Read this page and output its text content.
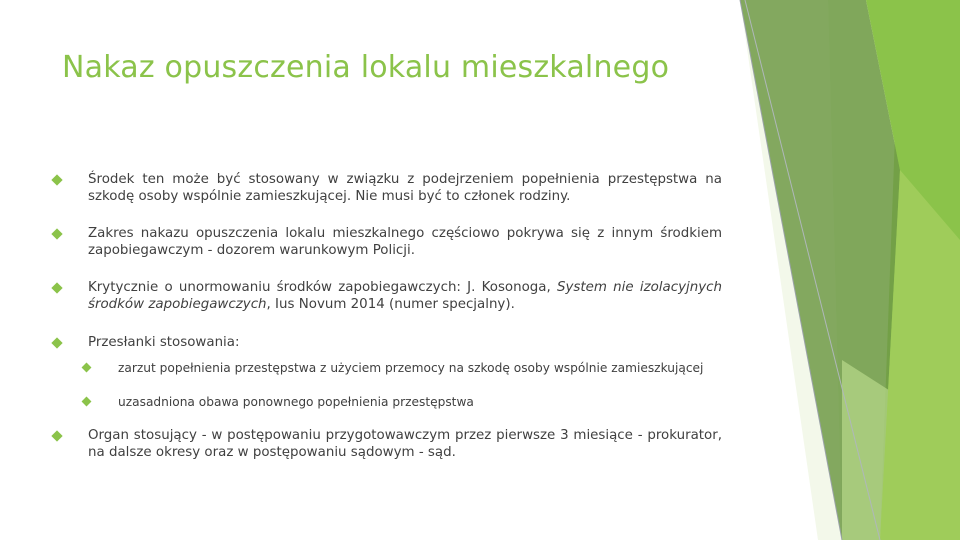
Nakaz opuszczenia lokalu mieszkalnego
Środek ten może być stosowany w związku z podejrzeniem popełnienia przestępstwa na szkodę osoby wspólnie zamieszkującej. Nie musi być to członek rodziny.
Zakres nakazu opuszczenia lokalu mieszkalnego częściowo pokrywa się z innym środkiem zapobiegawczym - dozorem warunkowym Policji.
Krytycznie o unormowaniu środków zapobiegawczych: J. Kosonoga, System nie izolacyjnych środków zapobiegawczych, Ius Novum 2014 (numer specjalny).
Przesłanki stosowania:
zarzut popełnienia przestępstwa z użyciem przemocy na szkodę osoby wspólnie zamieszkującej
uzasadniona obawa ponownego popełnienia przestępstwa
Organ stosujący - w postępowaniu przygotowawczym przez pierwsze 3 miesiące - prokurator, na dalsze okresy oraz w postępowaniu sądowym - sąd.
